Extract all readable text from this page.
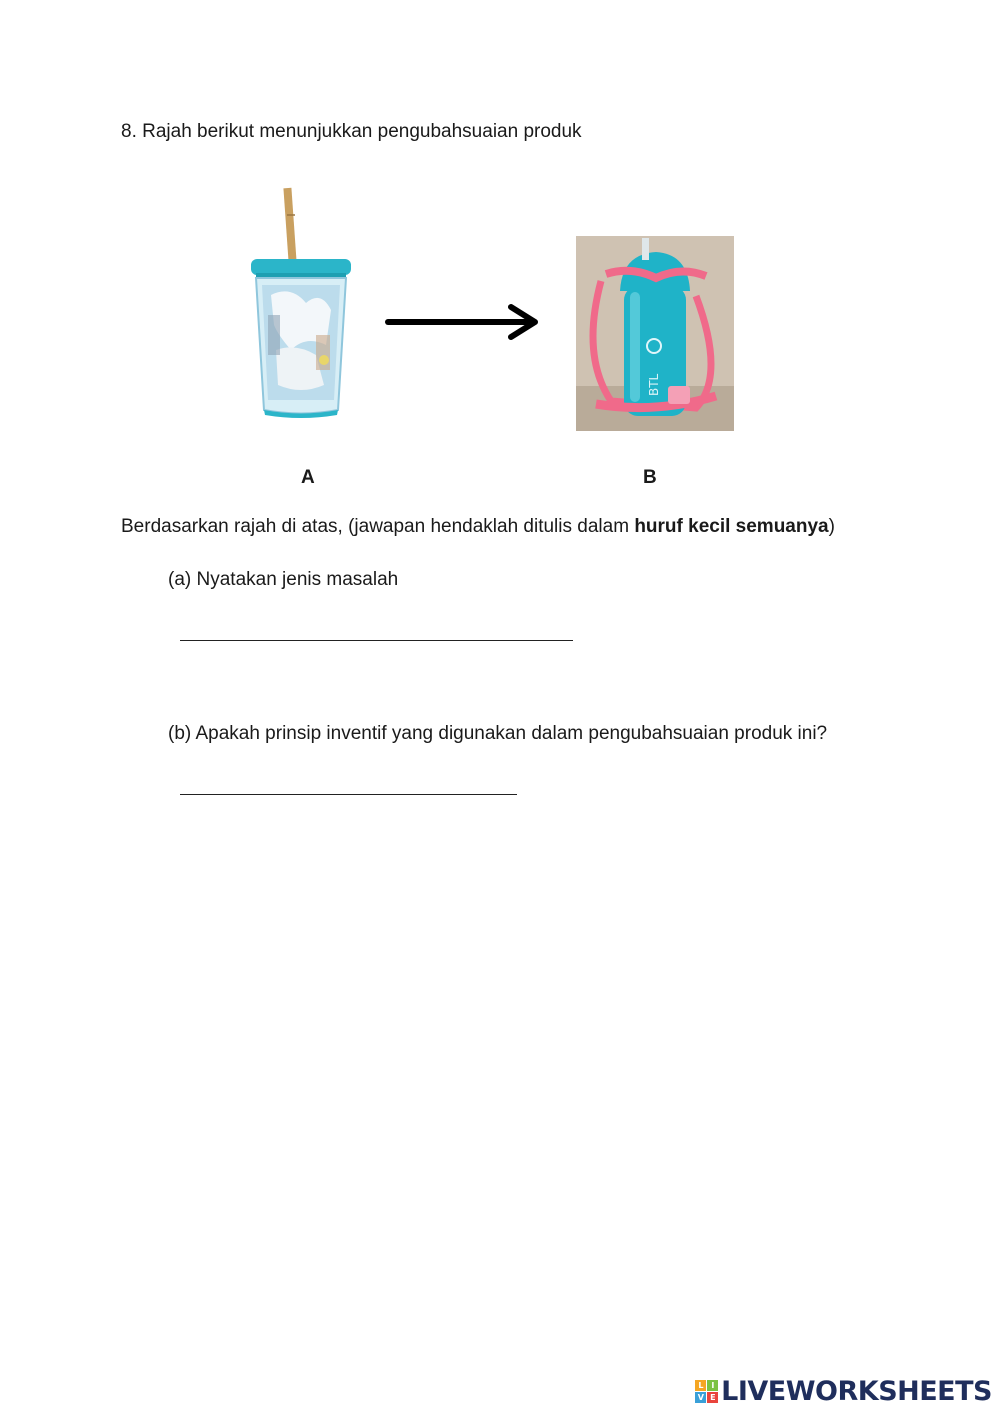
8. Rajah berikut menunjukkan pengubahsuaian produk
BTL
A	B
Berdasarkan rajah di atas, (jawapan hendaklah ditulis dalam huruf kecil semuanya)
(a) Nyatakan jenis masalah
(b) Apakah prinsip inventif yang digunakan dalam pengubahsuaian produk ini?
L	I
V E LIVEWORKSHEETS
